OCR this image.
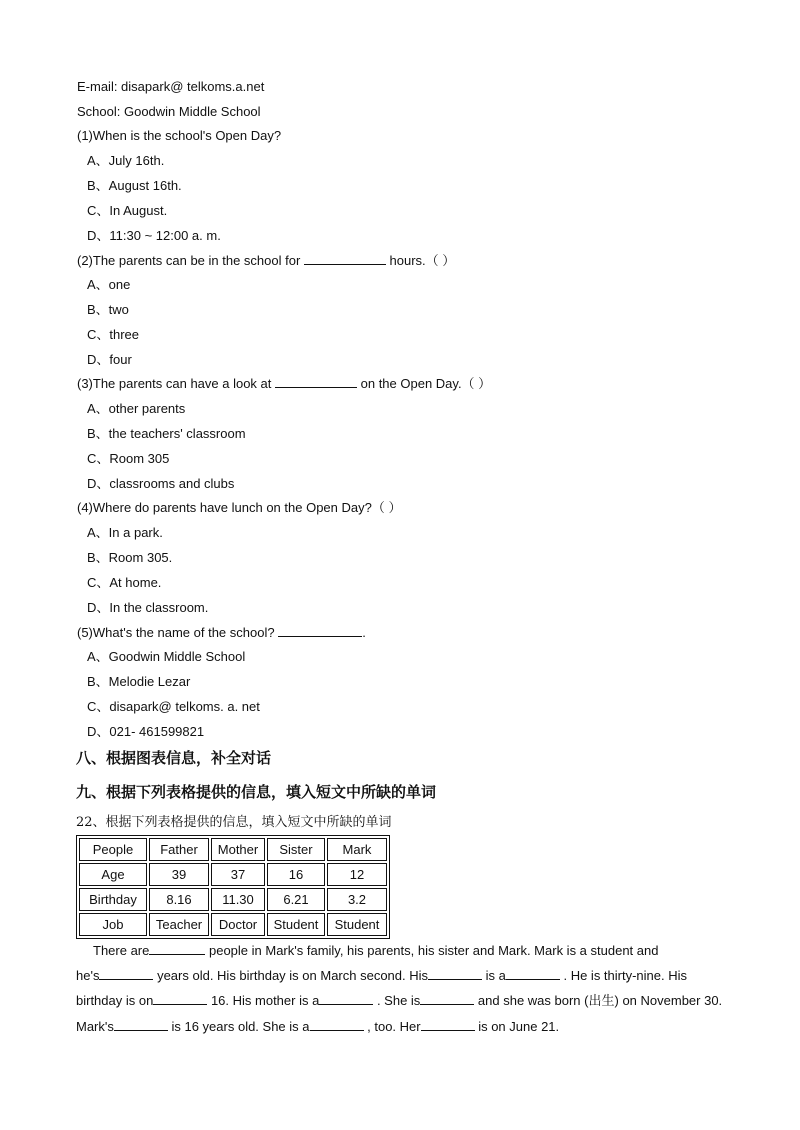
E-mail: disapark@ telkoms.a.net
School: Goodwin Middle School
(1)When is the school's Open Day?
A、July 16th.
B、August 16th.
C、In August.
D、11:30 ~ 12:00 a. m.
(2)The parents can be in the school for	hours.（ ）
A、one
B、two
C、three
D、four
(3)The parents can have a look at	on the Open Day.（ ）
A、other parents
B、the teachers' classroom
C、Room 305
D、classrooms and clubs
(4)Where do parents have lunch on the Open Day?（ ）
A、In a park.
B、Room 305.
C、At home.
D、In the classroom.
(5)What's the name of the school?	.
A、Goodwin Middle School
B、Melodie Lezar
C、disapark@ telkoms. a. net
D、021- 461599821
八、根据图表信息，补全对话
九、根据下列表格提供的信息，填入短文中所缺的单词
22、根据下列表格提供的信息，填入短文中所缺的单词
People	Father	Mother	Sister	Mark
Age	39	37	16	12
Birthday	8.16	11.30	6.21	3.2
Job	Teacher	Doctor	Student	Student
There are	people in Mark's family, his parents, his sister and Mark. Mark is a student and
he's	years old. His birthday is on March second. His	is a	. He is thirty-nine. His
birthday is on	16. His mother is a	. She is	and she was born (出生) on November 30.
Mark's	is 16 years old. She is a	, too. Her	is on June 21.
